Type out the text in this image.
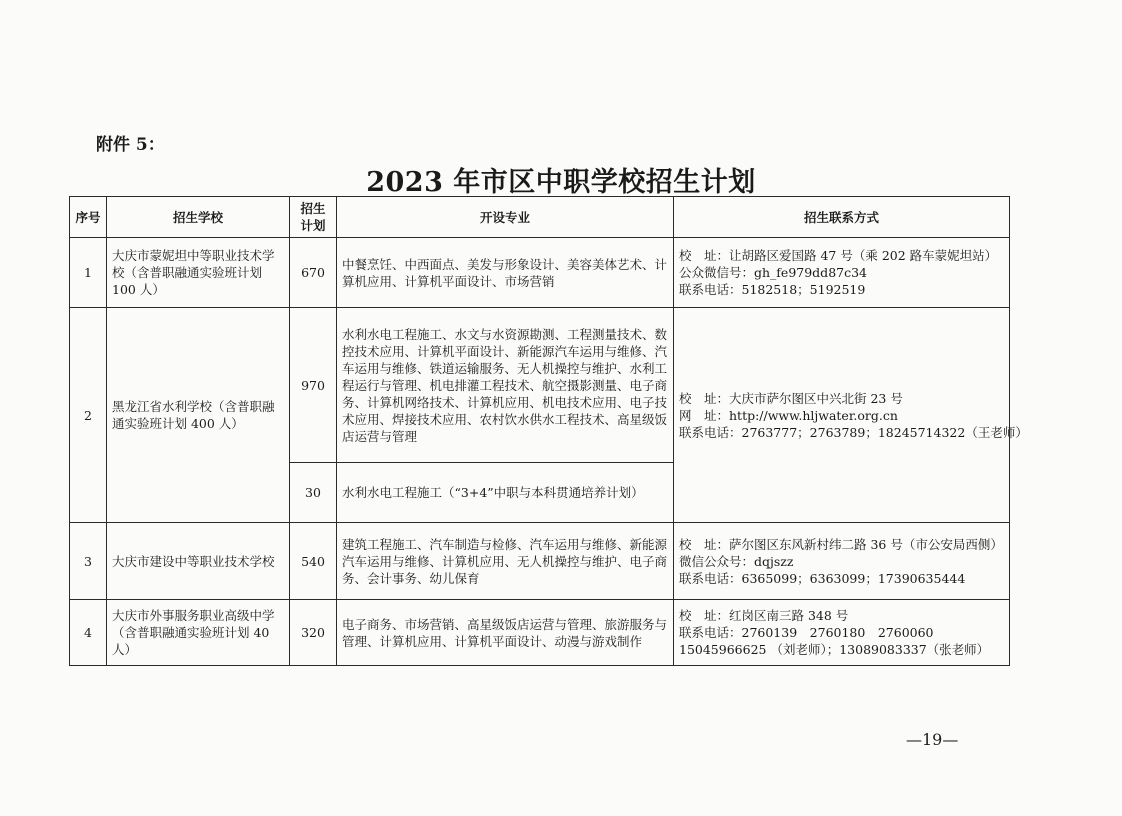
附件 5：
2023 年市区中职学校招生计划
序号	招生学校	招生计划	开设专业	招生联系方式
1	大庆市蒙妮坦中等职业技术学校（含普职融通实验班计划 100 人）	670	中餐烹饪、中西面点、美发与形象设计、美容美体艺术、计算机应用、计算机平面设计、市场营销	校　址：让胡路区爱国路 47 号（乘 202 路车蒙妮坦站）
公众微信号：gh_fe979dd87c34
联系电话：5182518；5192519

2	黑龙江省水利学校（含普职融通实验班计划 400 人）	970	水利水电工程施工、水文与水资源勘测、工程测量技术、数控技术应用、计算机平面设计、新能源汽车运用与维修、汽车运用与维修、铁道运输服务、无人机操控与维护、水利工程运行与管理、机电排灌工程技术、航空摄影测量、电子商务、计算机网络技术、计算机应用、机电技术应用、电子技术应用、焊接技术应用、农村饮水供水工程技术、高星级饭店运营与管理	校　址：大庆市萨尔图区中兴北街 23 号
网　址：http://www.hljwater.org.cn
联系电话：2763777；2763789；18245714322（王老师）

		30	水利水电工程施工（“3+4”中职与本科贯通培养计划）	
3	大庆市建设中等职业技术学校	540	建筑工程施工、汽车制造与检修、汽车运用与维修、新能源汽车运用与维修、计算机应用、无人机操控与维护、电子商务、会计事务、幼儿保育	校　址：萨尔图区东风新村纬二路 36 号（市公安局西侧）
微信公众号：dqjszz
联系电话：6365099；6363099；17390635444

4	大庆市外事服务职业高级中学（含普职融通实验班计划 40 人）	320	电子商务、市场营销、高星级饭店运营与管理、旅游服务与管理、计算机应用、计算机平面设计、动漫与游戏制作	校　址：红岗区南三路 348 号
联系电话：2760139　2760180　2760060
15045966625 （刘老师）；13089083337（张老师）
—19—
